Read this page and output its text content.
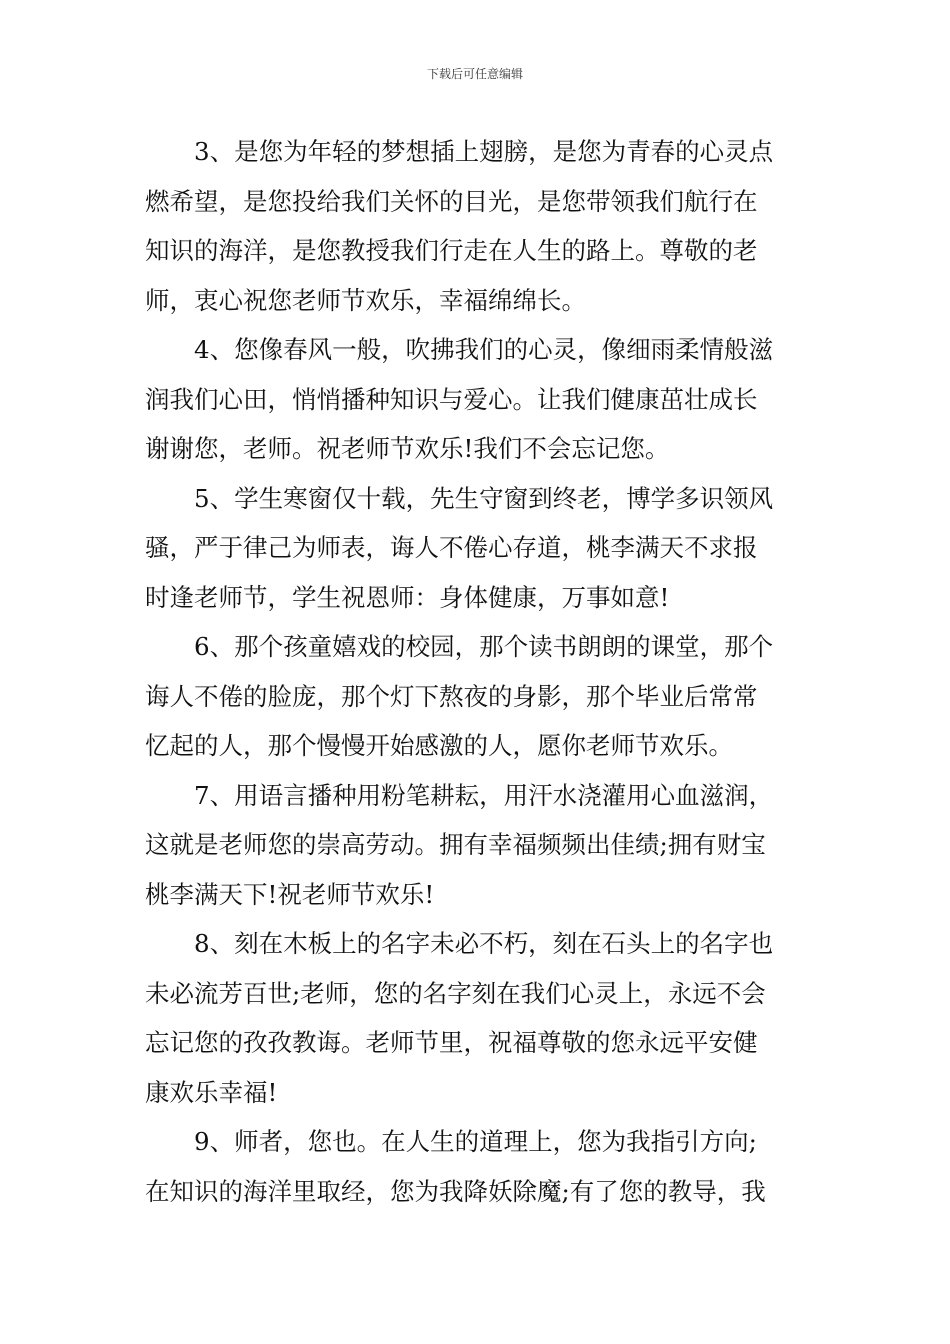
下载后可任意编辑
3、是您为年轻的梦想插上翅膀，是您为青春的心灵点
燃希望，是您投给我们关怀的目光，是您带领我们航行在
知识的海洋，是您教授我们行走在人生的路上。尊敬的老
师，衷心祝您老师节欢乐，幸福绵绵长。
4、您像春风一般，吹拂我们的心灵，像细雨柔情般滋
润我们心田，悄悄播种知识与爱心。让我们健康茁壮成长
谢谢您，老师。祝老师节欢乐!我们不会忘记您。
5、学生寒窗仅十载，先生守窗到终老，博学多识领风
骚，严于律己为师表，诲人不倦心存道，桃李满天不求报
时逢老师节，学生祝恩师：身体健康，万事如意!
6、那个孩童嬉戏的校园，那个读书朗朗的课堂，那个
诲人不倦的脸庞，那个灯下熬夜的身影，那个毕业后常常
忆起的人，那个慢慢开始感激的人，愿你老师节欢乐。
7、用语言播种用粉笔耕耘，用汗水浇灌用心血滋润，
这就是老师您的崇高劳动。拥有幸福频频出佳绩;拥有财宝
桃李满天下!祝老师节欢乐!
8、刻在木板上的名字未必不朽，刻在石头上的名字也
未必流芳百世;老师，您的名字刻在我们心灵上，永远不会
忘记您的孜孜教诲。老师节里，祝福尊敬的您永远平安健
康欢乐幸福!
9、师者，您也。在人生的道理上，您为我指引方向;
在知识的海洋里取经，您为我降妖除魔;有了您的教导，我
